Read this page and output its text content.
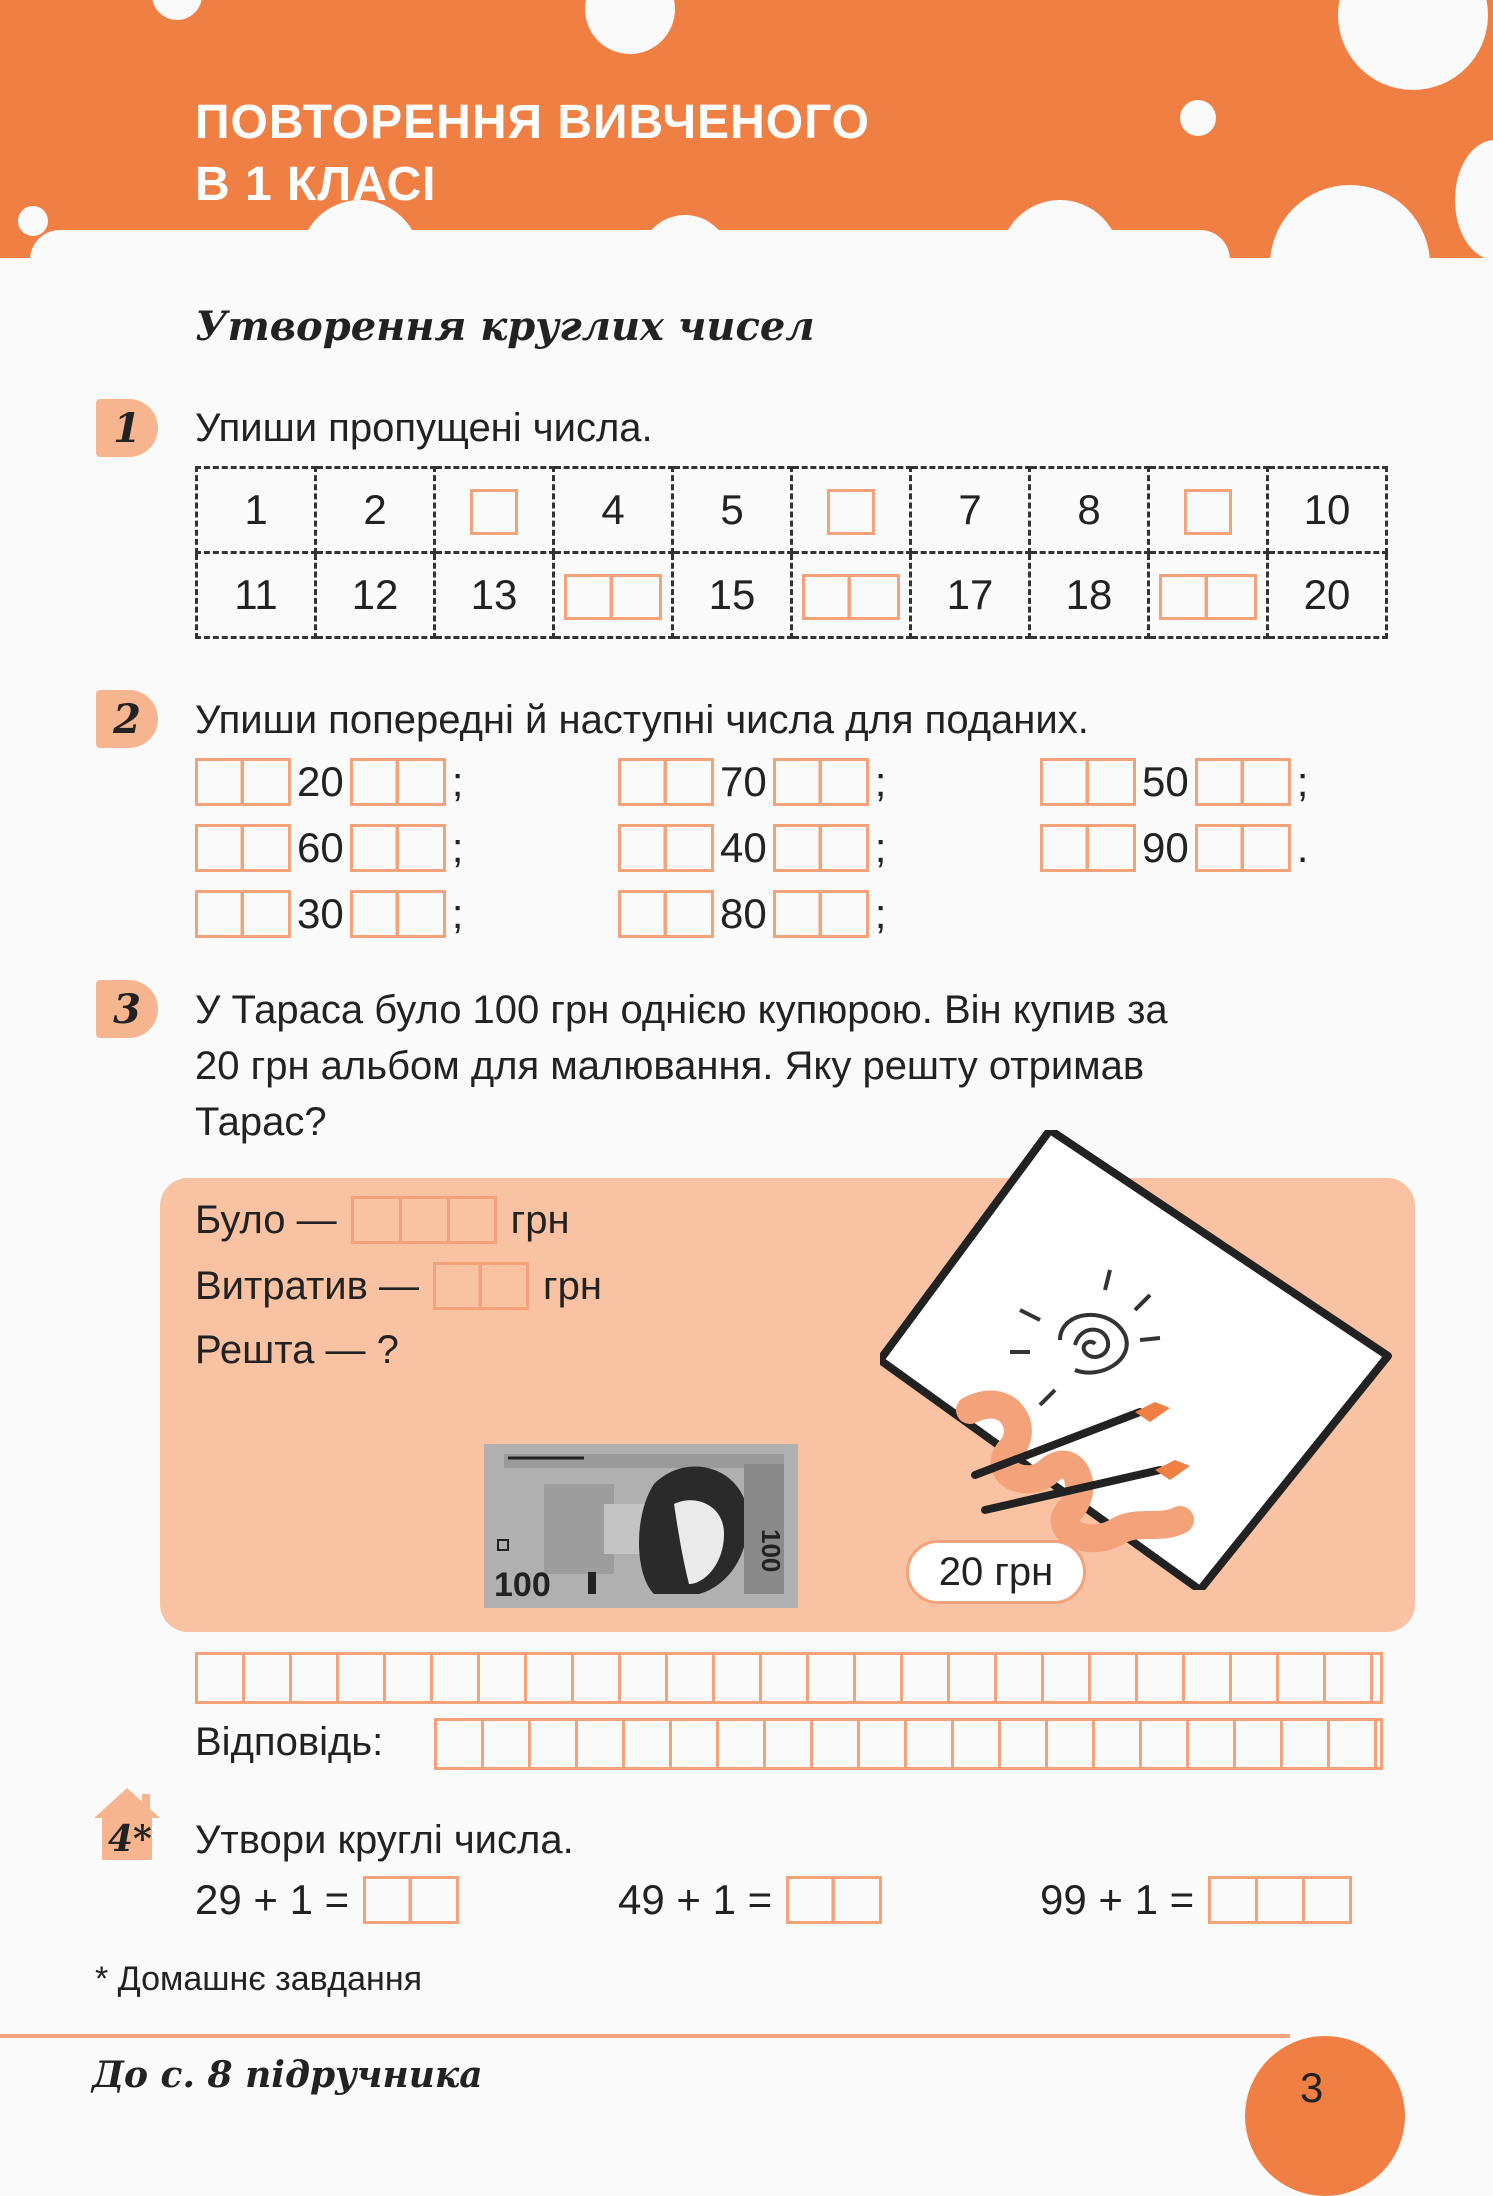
ПОВТОРЕННЯ ВИВЧЕНОГО
В 1 КЛАСІ
Утворення круглих чисел
1	Упиши пропущені числа.
1	2		4	5		7	8		10
11	12	13		15		17	18		20
2	Упиши попередні й наступні числа для поданих.
20	;	70	;	50	;
60	;	40	;	90	.
30	;	80	;
3	У Тараса було 100 грн однією купюрою. Він купив за
20 грн альбом для малювання. Яку решту отримав
Тарас?
Було —	грн
Витратив —	грн
Решта — ?
100
100	20 грн
Відповідь:
4* Утвори круглі числа.
29 + 1 =	49 + 1 =	99 + 1 =
* Домашнє завдання
До с. 8 підручника	3
